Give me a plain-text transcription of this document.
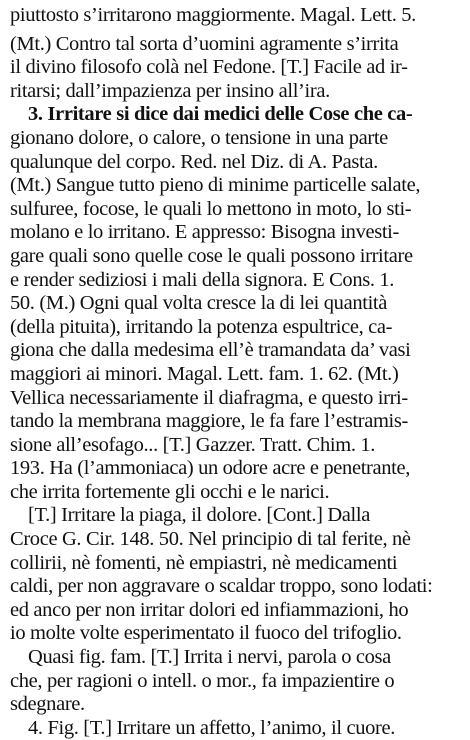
piuttosto s’irritarono maggiormente. Magal. Lett. 5.
(Mt.) Contro tal sorta d’uomini agramente s’irrita
il divino filosofo colà nel Fedone. [T.] Facile ad ir-
ritarsi; dall’impazienza per insino all’ira.
3. Irritare si dice dai medici delle Cose che ca-
gionano dolore, o calore, o tensione in una parte
qualunque del corpo. Red. nel Diz. di A. Pasta.
(Mt.) Sangue tutto pieno di minime particelle salate,
sulfuree, focose, le quali lo mettono in moto, lo sti-
molano e lo irritano. E appresso: Bisogna investi-
gare quali sono quelle cose le quali possono irritare
e render sediziosi i mali della signora. E Cons. 1.
50. (M.) Ogni qual volta cresce la di lei quantità
(della pituita), irritando la potenza espultrice, ca-
giona che dalla medesima ell’è tramandata da’ vasi
maggiori ai minori. Magal. Lett. fam. 1. 62. (Mt.)
Vellica necessariamente il diafragma, e questo irri-
tando la membrana maggiore, le fa fare l’estramis-
sione all’esofago... [T.] Gazzer. Tratt. Chim. 1.
193. Ha (l’ammoniaca) un odore acre e penetrante,
che irrita fortemente gli occhi e le narici.
[T.] Irritare la piaga, il dolore. [Cont.] Dalla
Croce G. Cir. 148. 50. Nel principio di tal ferite, nè
collirii, nè fomenti, nè empiastri, nè medicamenti
caldi, per non aggravare o scaldar troppo, sono lodati:
ed anco per non irritar dolori ed infiammazioni, ho
io molte volte esperimentato il fuoco del trifoglio.
Quasi fig. fam. [T.] Irrita i nervi, parola o cosa
che, per ragioni o intell. o mor., fa impazientire o
sdegnare.
4. Fig. [T.] Irritare un affetto, l’animo, il cuore.
